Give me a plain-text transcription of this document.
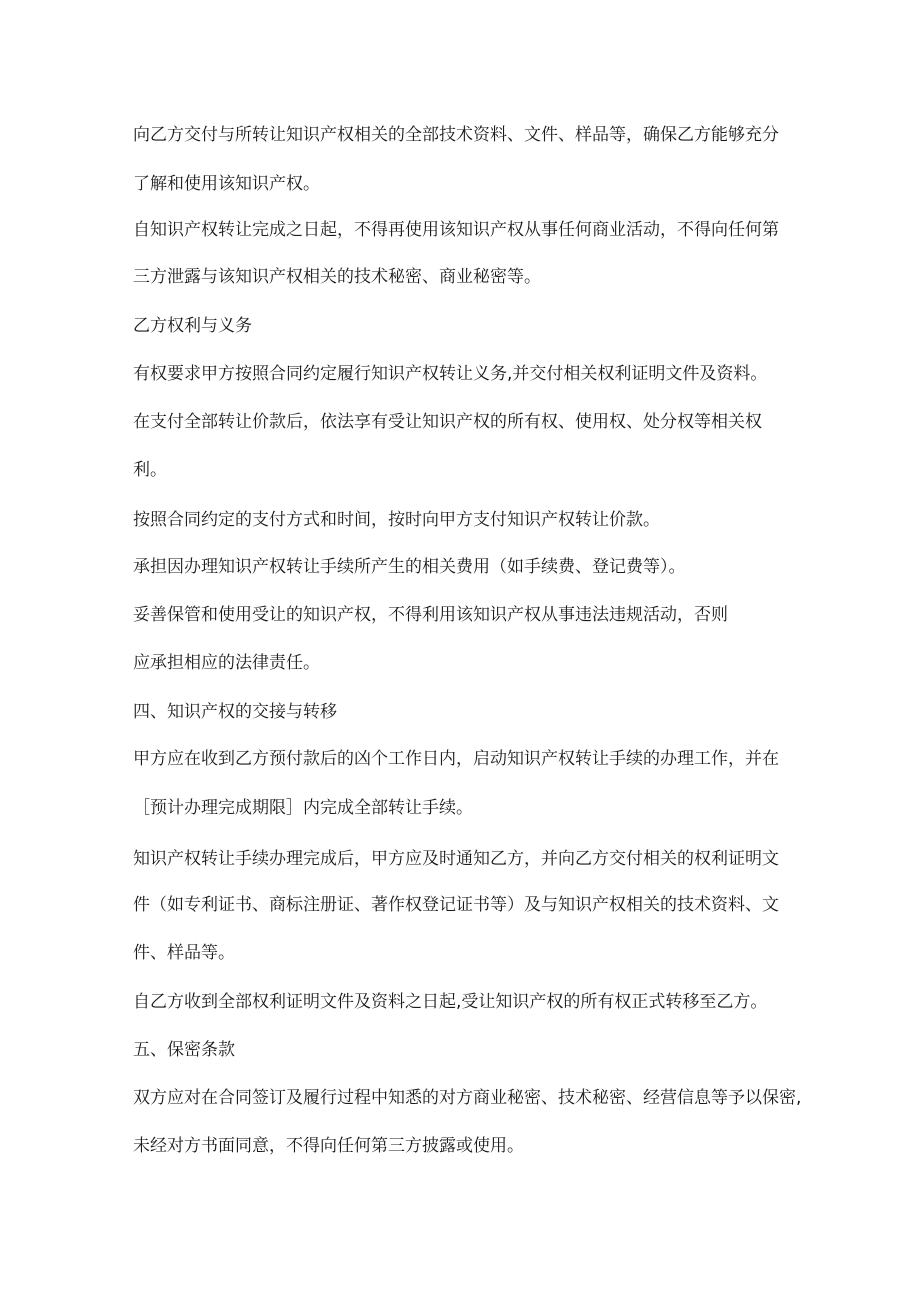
向乙方交付与所转让知识产权相关的全部技术资料、文件、样品等，确保乙方能够充分
了解和使用该知识产权。
自知识产权转让完成之日起，不得再使用该知识产权从事任何商业活动，不得向任何第
三方泄露与该知识产权相关的技术秘密、商业秘密等。
乙方权利与义务
有权要求甲方按照合同约定履行知识产权转让义务,并交付相关权利证明文件及资料。
在支付全部转让价款后，依法享有受让知识产权的所有权、使用权、处分权等相关权
利。
按照合同约定的支付方式和时间，按时向甲方支付知识产权转让价款。
承担因办理知识产权转让手续所产生的相关费用（如手续费、登记费等）。
妥善保管和使用受让的知识产权，不得利用该知识产权从事违法违规活动，否则
应承担相应的法律责任。
四、知识产权的交接与转移
甲方应在收到乙方预付款后的凶个工作日内，启动知识产权转让手续的办理工作，并在
［预计办理完成期限］内完成全部转让手续。
知识产权转让手续办理完成后，甲方应及时通知乙方，并向乙方交付相关的权利证明文
件（如专利证书、商标注册证、著作权登记证书等）及与知识产权相关的技术资料、文
件、样品等。
自乙方收到全部权利证明文件及资料之日起,受让知识产权的所有权正式转移至乙方。
五、保密条款
双方应对在合同签订及履行过程中知悉的对方商业秘密、技术秘密、经营信息等予以保密,
未经对方书面同意，不得向任何第三方披露或使用。
